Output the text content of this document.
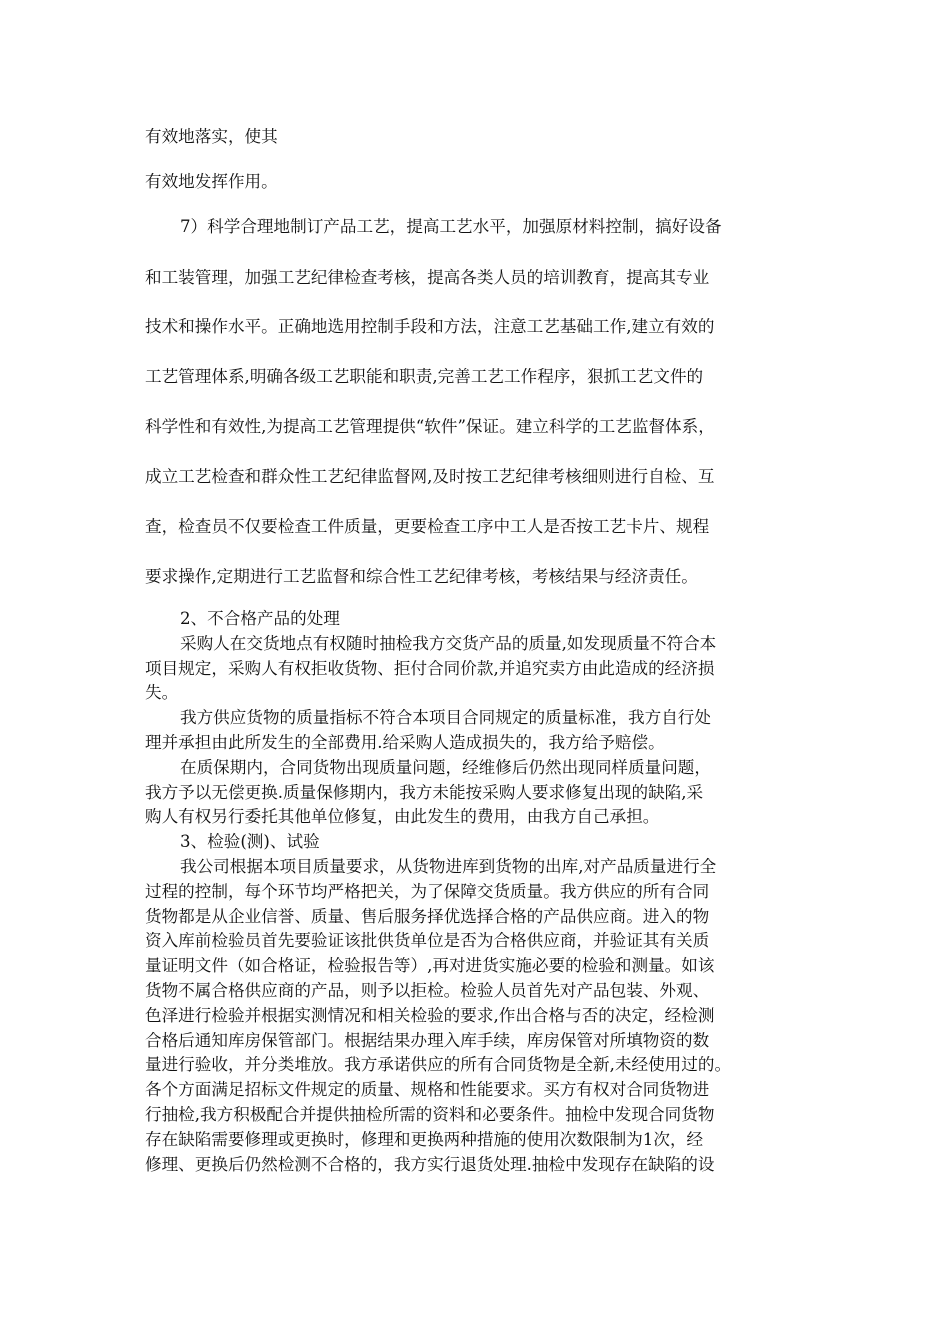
有效地落实，使其

有效地发挥作用。

7）科学合理地制订产品工艺，提高工艺水平，加强原材料控制，搞好设备

和工装管理，加强工艺纪律检查考核，提高各类人员的培训教育，提高其专业

技术和操作水平。正确地选用控制手段和方法，注意工艺基础工作,建立有效的

工艺管理体系,明确各级工艺职能和职责,完善工艺工作程序，狠抓工艺文件的

科学性和有效性,为提高工艺管理提供“软件”保证。建立科学的工艺监督体系，

成立工艺检查和群众性工艺纪律监督网,及时按工艺纪律考核细则进行自检、互

查，检查员不仅要检查工件质量，更要检查工序中工人是否按工艺卡片、规程

要求操作,定期进行工艺监督和综合性工艺纪律考核，考核结果与经济责任。

2、不合格产品的处理

采购人在交货地点有权随时抽检我方交货产品的质量,如发现质量不符合本

项目规定，采购人有权拒收货物、拒付合同价款,并追究卖方由此造成的经济损

失。

我方供应货物的质量指标不符合本项目合同规定的质量标准，我方自行处

理并承担由此所发生的全部费用.给采购人造成损失的，我方给予赔偿。

在质保期内，合同货物出现质量问题，经维修后仍然出现同样质量问题，

我方予以无偿更换.质量保修期内，我方未能按采购人要求修复出现的缺陷,采

购人有权另行委托其他单位修复，由此发生的费用，由我方自己承担。

3、检验(测)、试验

我公司根据本项目质量要求，从货物进库到货物的出库,对产品质量进行全

过程的控制，每个环节均严格把关，为了保障交货质量。我方供应的所有合同

货物都是从企业信誉、质量、售后服务择优选择合格的产品供应商。进入的物

资入库前检验员首先要验证该批供货单位是否为合格供应商，并验证其有关质

量证明文件（如合格证，检验报告等）,再对进货实施必要的检验和测量。如该

货物不属合格供应商的产品，则予以拒检。检验人员首先对产品包装、外观、

色泽进行检验并根据实测情况和相关检验的要求,作出合格与否的决定，经检测

合格后通知库房保管部门。根据结果办理入库手续，库房保管对所填物资的数

量进行验收，并分类堆放。我方承诺供应的所有合同货物是全新,未经使用过的。

各个方面满足招标文件规定的质量、规格和性能要求。买方有权对合同货物进

行抽检,我方积极配合并提供抽检所需的资料和必要条件。抽检中发现合同货物

存在缺陷需要修理或更换时，修理和更换两种措施的使用次数限制为1次，经

修理、更换后仍然检测不合格的，我方实行退货处理.抽检中发现存在缺陷的设
